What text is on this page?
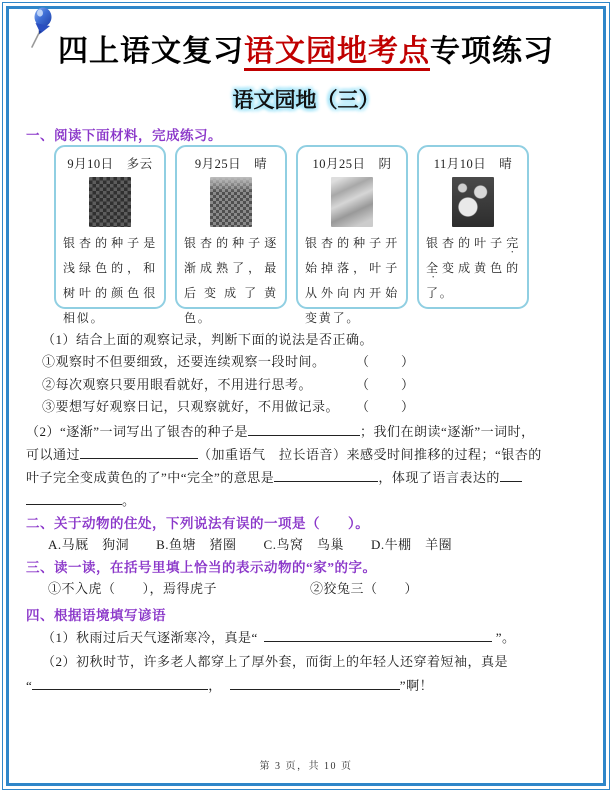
四上语文复习语文园地考点专项练习
语文园地（三）
一、阅读下面材料，完成练习。
9月10日　多云

银杏的种子是浅绿色的，和树叶的颜色很相似。

9月25日　晴

银杏的种子逐渐成熟了，最后变成了黄色。

10月25日　阴

银杏的种子开始掉落，叶子从外向内开始变黄了。

11月10日　晴

银杏的叶子完全变成黄色的了。

（1）结合上面的观察记录，判断下面的说法是否正确。
①观察时不但要细致，还要连续观察一段时间。 （　　）
②每次观察只要用眼看就好，不用进行思考。	（　　）
③要想写好观察日记，只观察就好，不用做记录。 （　　）
（2）“逐渐”一词写出了银杏的种子是	；我们在朗读“逐渐”一词时，
可以通过	（加重语气　拉长语音）来感受时间推移的过程；“银杏的
叶子完全变成黄色的了”中“完全”的意思是	，体现了语言表达的
。
二、关于动物的住处，下列说法有误的一项是（　　）。
A.马厩　狗洞　　B.鱼塘　猪圈　　C.鸟窝　鸟巢　　D.牛棚　羊圈
三、读一读，在括号里填上恰当的表示动物的“家”的字。
①不入虎（　　），焉得虎子	②狡兔三（　　）
四、根据语境填写谚语
（1）秋雨过后天气逐渐寒冷，真是“	”。
（2）初秋时节，许多老人都穿上了厚外套，而街上的年轻人还穿着短袖，真是
“	，	”啊！
第 3 页，共 10 页
